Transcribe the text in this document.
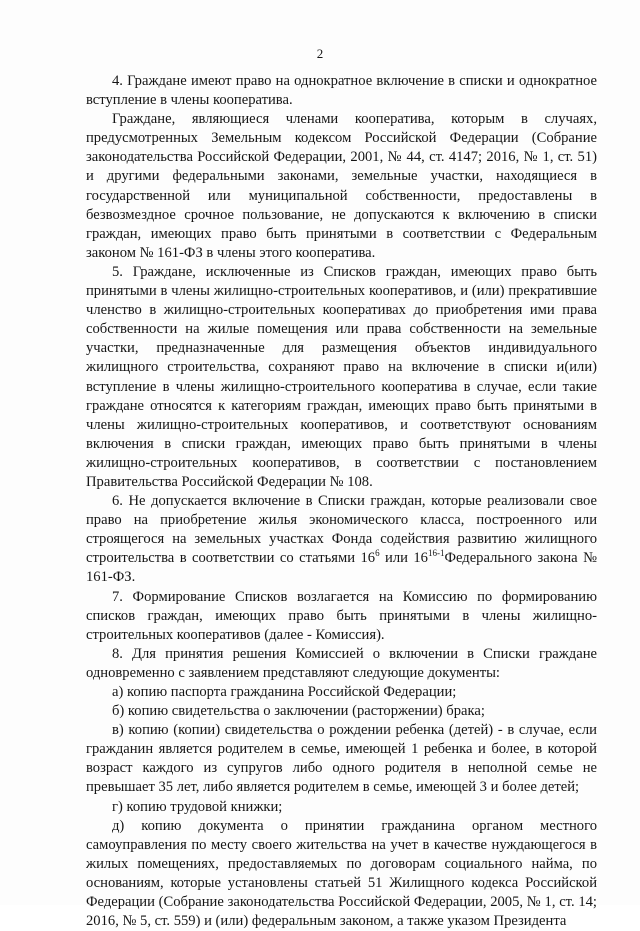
2

4. Граждане имеют право на однократное включение в списки и однократное вступление в члены кооператива.

Граждане, являющиеся членами кооператива, которым в случаях, предусмотренных Земельным кодексом Российской Федерации (Собрание законодательства Российской Федерации, 2001, № 44, ст. 4147; 2016, № 1, ст. 51) и другими федеральными законами, земельные участки, находящиеся в государственной или муниципальной собственности, предоставлены в безвозмездное срочное пользование, не допускаются к включению в списки граждан, имеющих право быть принятыми в соответствии с Федеральным законом № 161-ФЗ в члены этого кооператива.

5. Граждане, исключенные из Списков граждан, имеющих право быть принятыми в члены жилищно-строительных кооперативов, и (или) прекратившие членство в жилищно-строительных кооперативах до приобретения ими права собственности на жилые помещения или права собственности на земельные участки, предназначенные для размещения объектов индивидуального жилищного строительства, сохраняют право на включение в списки и(или) вступление в члены жилищно-строительного кооператива в случае, если такие граждане относятся к категориям граждан, имеющих право быть принятыми в члены жилищно-строительных кооперативов, и соответствуют основаниям включения в списки граждан, имеющих право быть принятыми в члены жилищно-строительных кооперативов, в соответствии с постановлением Правительства Российской Федерации № 108.

6. Не допускается включение в Списки граждан, которые реализовали свое право на приобретение жилья экономического класса, построенного или строящегося на земельных участках Фонда содействия развитию жилищного строительства в соответствии со статьями $16^6$ или 16$^{16-1}$Федерального закона № 161-ФЗ.

7. Формирование Списков возлагается на Комиссию по формированию списков граждан, имеющих право быть принятыми в члены жилищно-строительных кооперативов (далее - Комиссия).

8. Для принятия решения Комиссией о включении в Списки граждане одновременно с заявлением представляют следующие документы:

а) копию паспорта гражданина Российской Федерации;

б) копию свидетельства о заключении (расторжении) брака;

в) копию (копии) свидетельства о рождении ребенка (детей) - в случае, если гражданин является родителем в семье, имеющей 1 ребенка и более, в которой возраст каждого из супругов либо одного родителя в неполной семье не превышает 35 лет, либо является родителем в семье, имеющей 3 и более детей;

г) копию трудовой книжки;

д) копию документа о принятии гражданина органом местного самоуправления по месту своего жительства на учет в качестве нуждающегося в жилых помещениях, предоставляемых по договорам социального найма, по основаниям, которые установлены статьей 51 Жилищного кодекса Российской Федерации (Собрание законодательства Российской Федерации, 2005, № 1, ст. 14; 2016, № 5, ст. 559) и (или) федеральным законом, а также указом Президента
